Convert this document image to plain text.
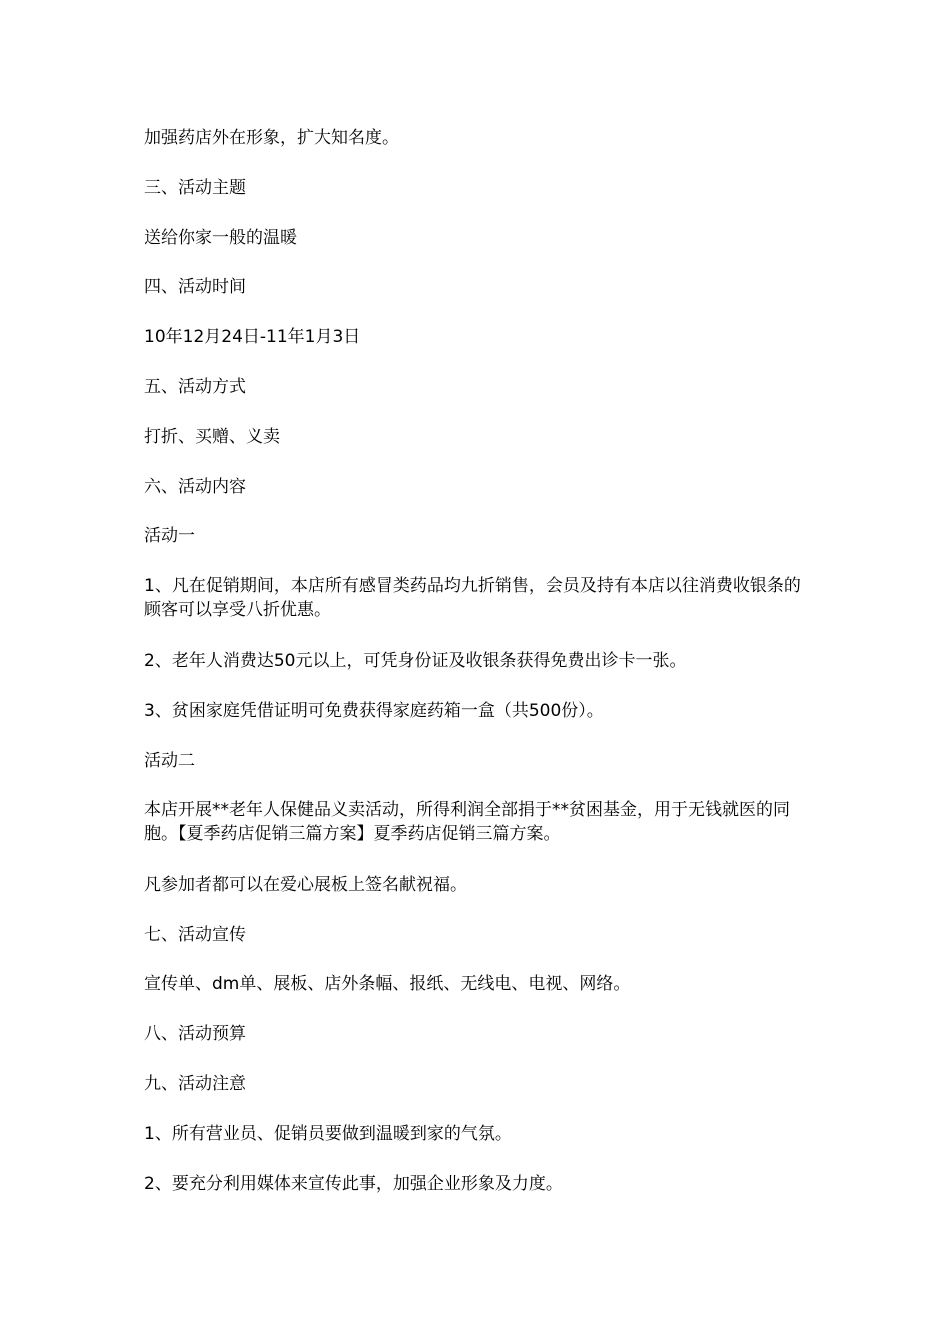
加强药店外在形象，扩大知名度。

三、活动主题

送给你家一般的温暖

四、活动时间

10年12月24日-11年1月3日

五、活动方式

打折、买赠、义卖

六、活动内容

活动一

1、凡在促销期间，本店所有感冒类药品均九折销售，会员及持有本店以往消费收银条的顾客可以享受八折优惠。

2、老年人消费达50元以上，可凭身份证及收银条获得免费出诊卡一张。

3、贫困家庭凭借证明可免费获得家庭药箱一盒（共500份）。

活动二

本店开展**老年人保健品义卖活动，所得利润全部捐于**贫困基金，用于无钱就医的同胞。【夏季药店促销三篇方案】夏季药店促销三篇方案。

凡参加者都可以在爱心展板上签名献祝福。

七、活动宣传

宣传单、dm单、展板、店外条幅、报纸、无线电、电视、网络。

八、活动预算

九、活动注意

1、所有营业员、促销员要做到温暖到家的气氛。

2、要充分利用媒体来宣传此事，加强企业形象及力度。
